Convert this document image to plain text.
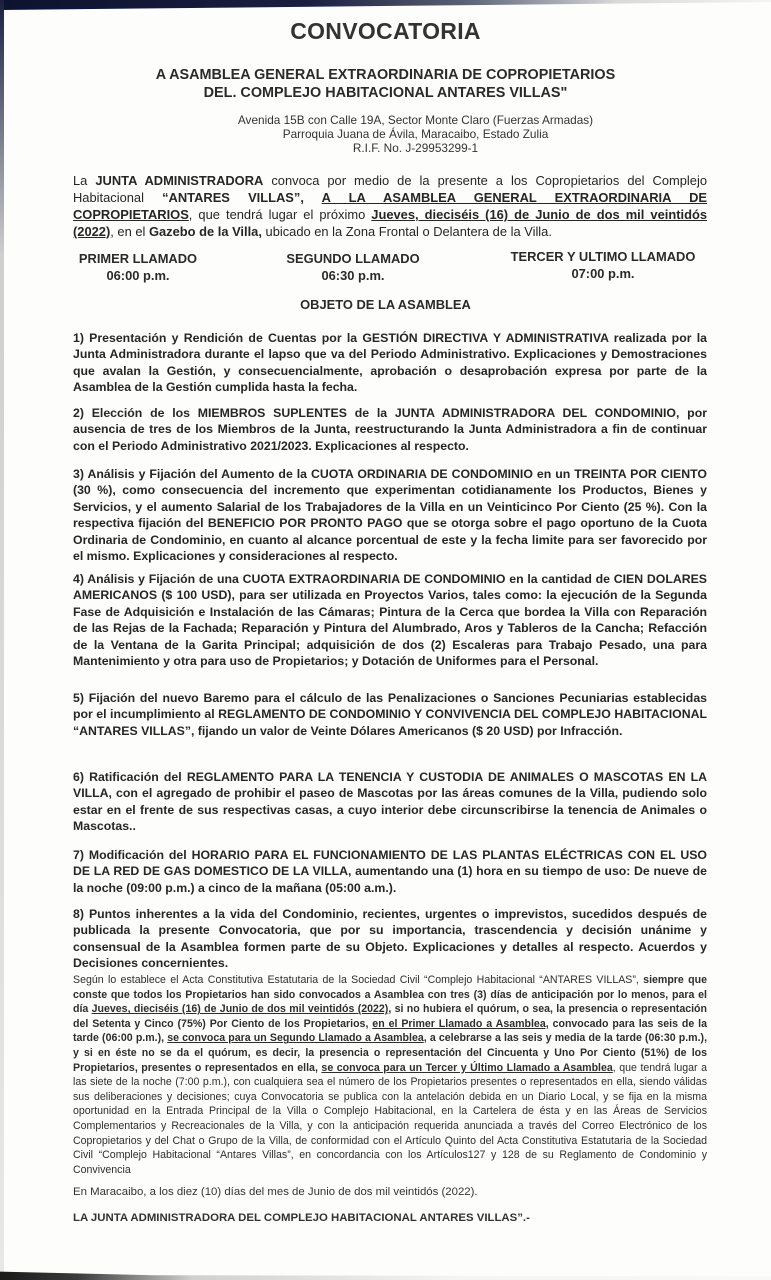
CONVOCATORIA
A ASAMBLEA GENERAL EXTRAORDINARIA DE COPROPIETARIOS
DEL. COMPLEJO HABITACIONAL ANTARES VILLAS"
Avenida 15B con Calle 19A, Sector Monte Claro (Fuerzas Armadas)
Parroquia Juana de Ávila, Maracaibo, Estado Zulia
R.I.F. No. J-29953299-1
La JUNTA ADMINISTRADORA convoca por medio de la presente a los Copropietarios del Complejo Habitacional “ANTARES VILLAS”, A LA ASAMBLEA GENERAL EXTRAORDINARIA DE COPROPIETARIOS, que tendrá lugar el próximo Jueves, dieciséis (16) de Junio de dos mil veintidós (2022), en el Gazebo de la Villa, ubicado en la Zona Frontal o Delantera de la Villa.
PRIMER LLAMADO
06:00 p.m.
SEGUNDO LLAMADO
06:30 p.m.
TERCER Y ULTIMO LLAMADO
07:00 p.m.
OBJETO DE LA ASAMBLEA
1) Presentación y Rendición de Cuentas por la GESTIÓN DIRECTIVA Y ADMINISTRATIVA realizada por la Junta Administradora durante el lapso que va del Periodo Administrativo. Explicaciones y Demostraciones que avalan la Gestión, y consecuencialmente, aprobación o desaprobación expresa por parte de la Asamblea de la Gestión cumplida hasta la fecha.
2) Elección de los MIEMBROS SUPLENTES de la JUNTA ADMINISTRADORA DEL CONDOMINIO, por ausencia de tres de los Miembros de la Junta, reestructurando la Junta Administradora a fin de continuar con el Periodo Administrativo 2021/2023. Explicaciones al respecto.
3) Análisis y Fijación del Aumento de la CUOTA ORDINARIA DE CONDOMINIO en un TREINTA POR CIENTO (30 %), como consecuencia del incremento que experimentan cotidianamente los Productos, Bienes y Servicios, y el aumento Salarial de los Trabajadores de la Villa en un Veinticinco Por Ciento (25 %). Con la respectiva fijación del BENEFICIO POR PRONTO PAGO que se otorga sobre el pago oportuno de la Cuota Ordinaria de Condominio, en cuanto al alcance porcentual de este y la fecha limite para ser favorecido por el mismo. Explicaciones y consideraciones al respecto.
4) Análisis y Fijación de una CUOTA EXTRAORDINARIA DE CONDOMINIO en la cantidad de CIEN DOLARES AMERICANOS ($ 100 USD), para ser utilizada en Proyectos Varios, tales como: la ejecución de la Segunda Fase de Adquisición e Instalación de las Cámaras; Pintura de la Cerca que bordea la Villa con Reparación de las Rejas de la Fachada; Reparación y Pintura del Alumbrado, Aros y Tableros de la Cancha; Refacción de la Ventana de la Garita Principal; adquisición de dos (2) Escaleras para Trabajo Pesado, una para Mantenimiento y otra para uso de Propietarios; y Dotación de Uniformes para el Personal.
5) Fijación del nuevo Baremo para el cálculo de las Penalizaciones o Sanciones Pecuniarias establecidas por el incumplimiento al REGLAMENTO DE CONDOMINIO Y CONVIVENCIA DEL COMPLEJO HABITACIONAL “ANTARES VILLAS”, fijando un valor de Veinte Dólares Americanos ($ 20 USD) por Infracción.
6) Ratificación del REGLAMENTO PARA LA TENENCIA Y CUSTODIA DE ANIMALES O MASCOTAS EN LA VILLA, con el agregado de prohibir el paseo de Mascotas por las áreas comunes de la Villa, pudiendo solo estar en el frente de sus respectivas casas, a cuyo interior debe circunscribirse la tenencia de Animales o Mascotas..
7) Modificación del HORARIO PARA EL FUNCIONAMIENTO DE LAS PLANTAS ELÉCTRICAS CON EL USO DE LA RED DE GAS DOMESTICO DE LA VILLA, aumentando una (1) hora en su tiempo de uso: De nueve de la noche (09:00 p.m.) a cinco de la mañana (05:00 a.m.).
8) Puntos inherentes a la vida del Condominio, recientes, urgentes o imprevistos, sucedidos después de publicada la presente Convocatoria, que por su importancia, trascendencia y decisión unánime y consensual de la Asamblea formen parte de su Objeto. Explicaciones y detalles al respecto. Acuerdos y Decisiones concernientes.
Según lo establece el Acta Constitutiva Estatutaria de la Sociedad Civil “Complejo Habitacional “ANTARES VILLAS”, siempre que conste que todos los Propietarios han sido convocados a Asamblea con tres (3) días de anticipación por lo menos, para el día Jueves, dieciséis (16) de Junio de dos mil veintidós (2022), si no hubiera el quórum, o sea, la presencia o representación del Setenta y Cinco (75%) Por Ciento de los Propietarios, en el Primer Llamado a Asamblea, convocado para las seis de la tarde (06:00 p.m.), se convoca para un Segundo Llamado a Asamblea, a celebrarse a las seis y media de la tarde (06:30 p.m.), y si en éste no se da el quórum, es decir, la presencia o representación del Cincuenta y Uno Por Ciento (51%) de los Propietarios, presentes o representados en ella, se convoca para un Tercer y Último Llamado a Asamblea, que tendrá lugar a las siete de la noche (7:00 p.m.), con cualquiera sea el número de los Propietarios presentes o representados en ella, siendo válidas sus deliberaciones y decisiones; cuya Convocatoria se publica con la antelación debida en un Diario Local, y se fija en la misma oportunidad en la Entrada Principal de la Villa o Complejo Habitacional, en la Cartelera de ésta y en las Áreas de Servicios Complementarios y Recreacionales de la Villa, y con la anticipación requerida anunciada a través del Correo Electrónico de los Copropietarios y del Chat o Grupo de la Villa, de conformidad con el Artículo Quinto del Acta Constitutiva Estatutaria de la Sociedad Civil “Complejo Habitacional “Antares Villas”, en concordancia con los Artículos127 y 128 de su Reglamento de Condominio y Convivencia
En Maracaibo, a los diez (10) días del mes de Junio de dos mil veintidós (2022).
LA JUNTA ADMINISTRADORA DEL COMPLEJO HABITACIONAL ANTARES VILLAS”.-
